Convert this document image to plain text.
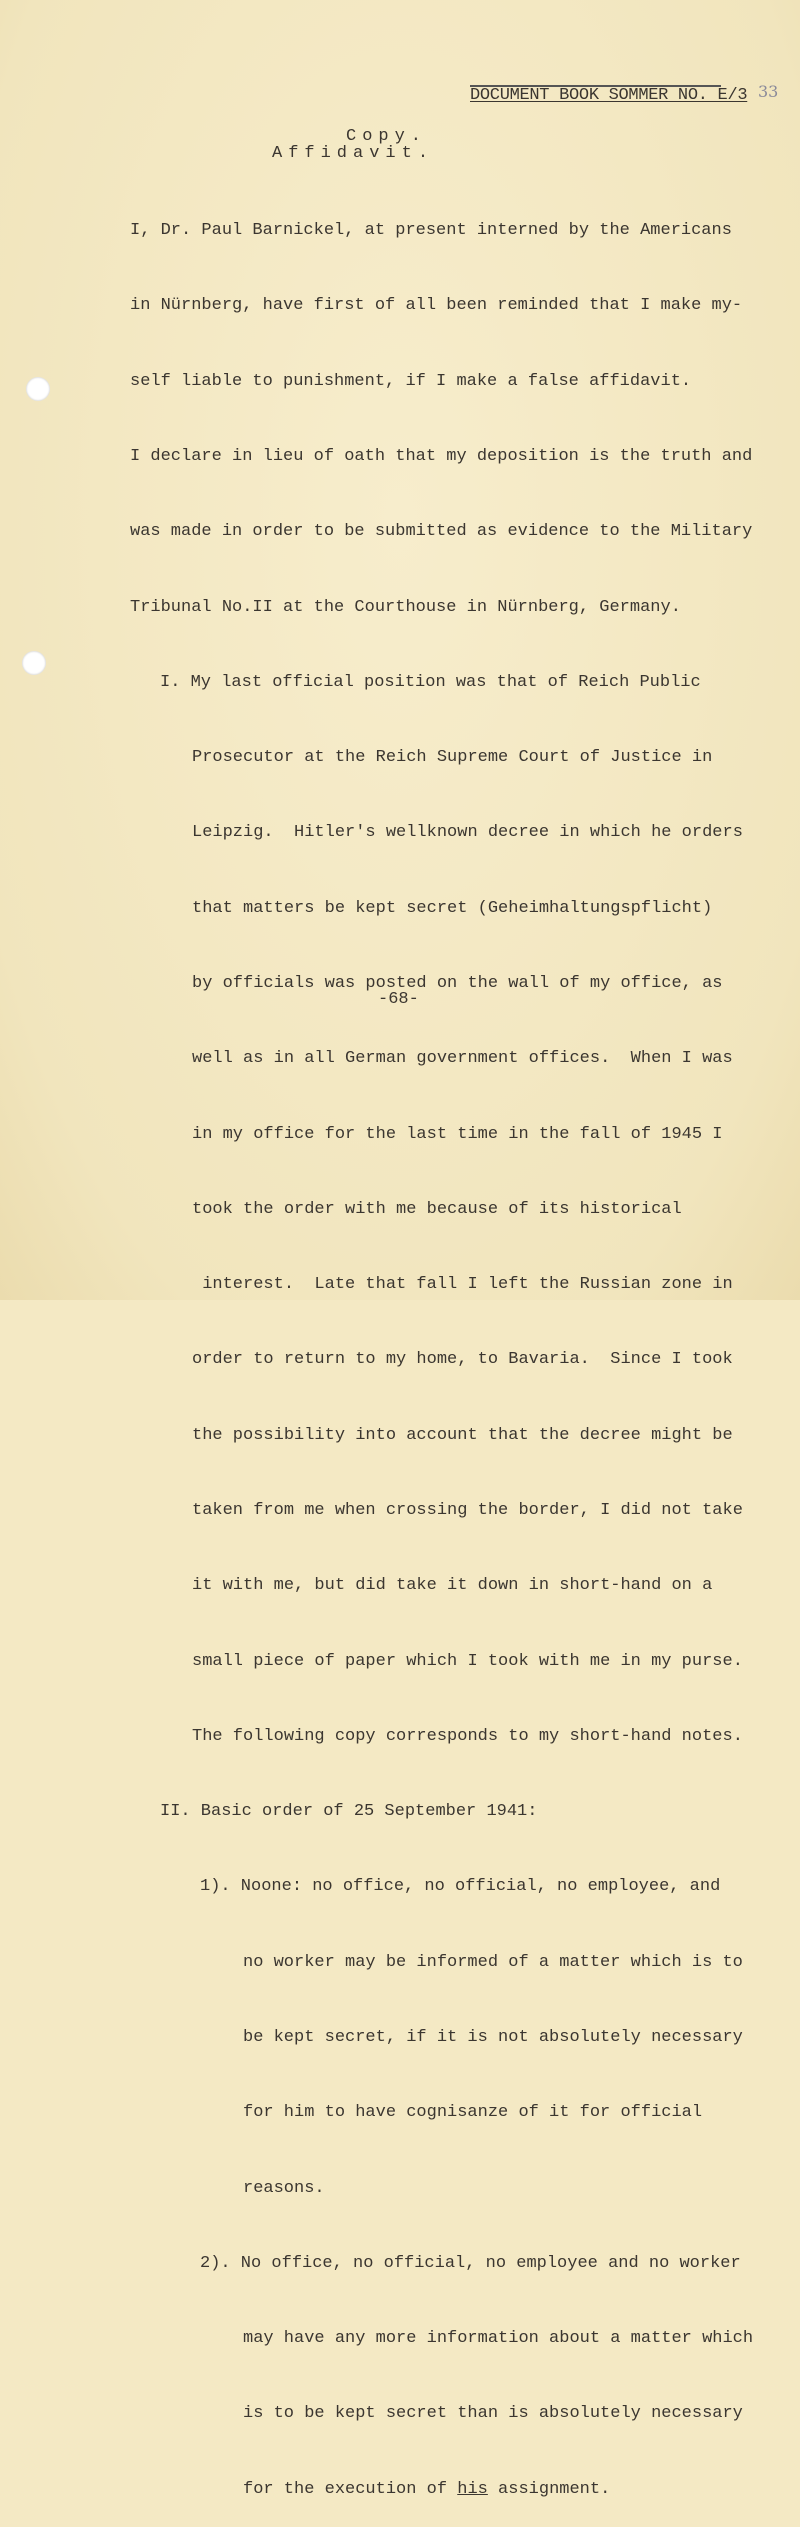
DOCUMENT BOOK SOMMER NO. E/3 33
Copy.
Affidavit.

I, Dr. Paul Barnickel, at present interned by the Americans

in Nürnberg, have first of all been reminded that I make my-

self liable to punishment, if I make a false affidavit.

I declare in lieu of oath that my deposition is the truth and

was made in order to be submitted as evidence to the Military

Tribunal No.II at the Courthouse in Nürnberg, Germany.

I. My last official position was that of Reich Public

Prosecutor at the Reich Supreme Court of Justice in

Leipzig.  Hitler's wellknown decree in which he orders

that matters be kept secret (Geheimhaltungspflicht)

by officials was posted on the wall of my office, as

well as in all German government offices.  When I was

in my office for the last time in the fall of 1945 I

took the order with me because of its historical

interest.  Late that fall I left the Russian zone in

order to return to my home, to Bavaria.  Since I took

the possibility into account that the decree might be

taken from me when crossing the border, I did not take

it with me, but did take it down in short-hand on a

small piece of paper which I took with me in my purse.

The following copy corresponds to my short-hand notes.

II. Basic order of 25 September 1941:

1). Noone: no office, no official, no employee, and

no worker may be informed of a matter which is to

be kept secret, if it is not absolutely necessary

for him to have cognisanze of it for official

reasons.

2). No office, no official, no employee and no worker

may have any more information about a matter which

is to be kept secret than is absolutely necessary

for the execution of his assignment.

-68-
